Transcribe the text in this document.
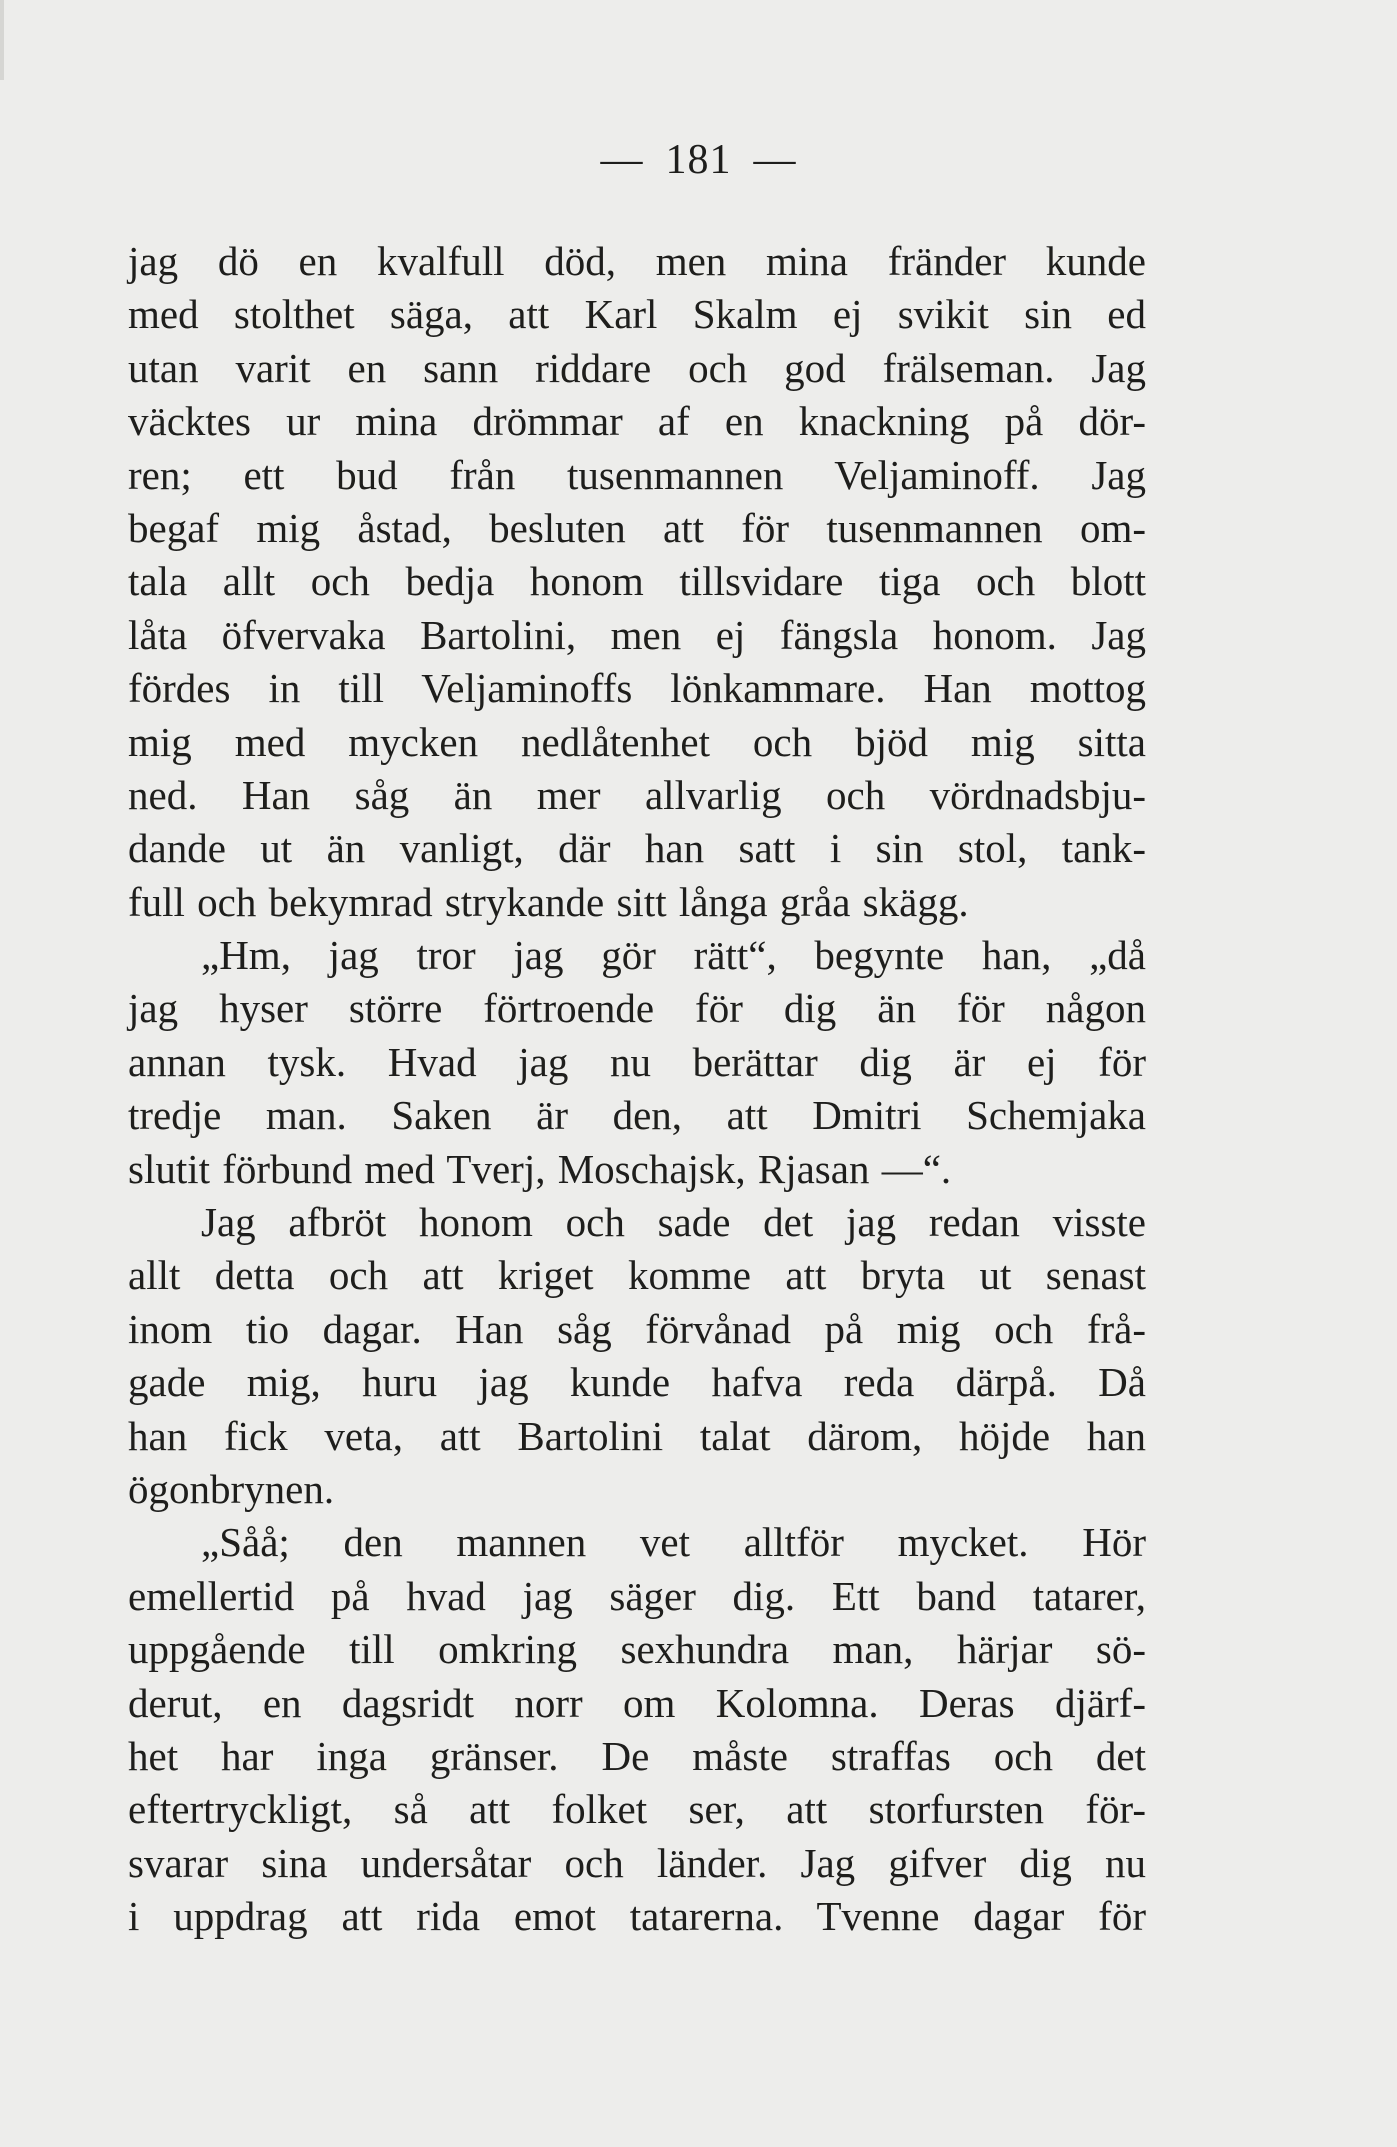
— 181 —
jag dö en kvalfull död, men mina fränder kunde
med stolthet säga, att Karl Skalm ej svikit sin ed
utan varit en sann riddare och god frälseman. Jag
väcktes ur mina drömmar af en knackning på dör-
ren; ett bud från tusenmannen Veljaminoff. Jag
begaf mig åstad, besluten att för tusenmannen om-
tala allt och bedja honom tillsvidare tiga och blott
låta öfvervaka Bartolini, men ej fängsla honom. Jag
fördes in till Veljaminoffs lönkammare. Han mottog
mig med mycken nedlåtenhet och bjöd mig sitta
ned. Han såg än mer allvarlig och vördnadsbju-
dande ut än vanligt, där han satt i sin stol, tank-
full och bekymrad strykande sitt långa gråa skägg.
„Hm, jag tror jag gör rätt“, begynte han, „då
jag hyser större förtroende för dig än för någon
annan tysk. Hvad jag nu berättar dig är ej för
tredje man. Saken är den, att Dmitri Schemjaka
slutit förbund med Tverj, Moschajsk, Rjasan —“.
Jag afbröt honom och sade det jag redan visste
allt detta och att kriget komme att bryta ut senast
inom tio dagar. Han såg förvånad på mig och frå-
gade mig, huru jag kunde hafva reda därpå. Då
han fick veta, att Bartolini talat därom, höjde han
ögonbrynen.
„Såå; den mannen vet alltför mycket. Hör
emellertid på hvad jag säger dig. Ett band tatarer,
uppgående till omkring sexhundra man, härjar sö-
derut, en dagsridt norr om Kolomna. Deras djärf-
het har inga gränser. De måste straffas och det
eftertryckligt, så att folket ser, att storfursten för-
svarar sina undersåtar och länder. Jag gifver dig nu
i uppdrag att rida emot tatarerna. Tvenne dagar för
